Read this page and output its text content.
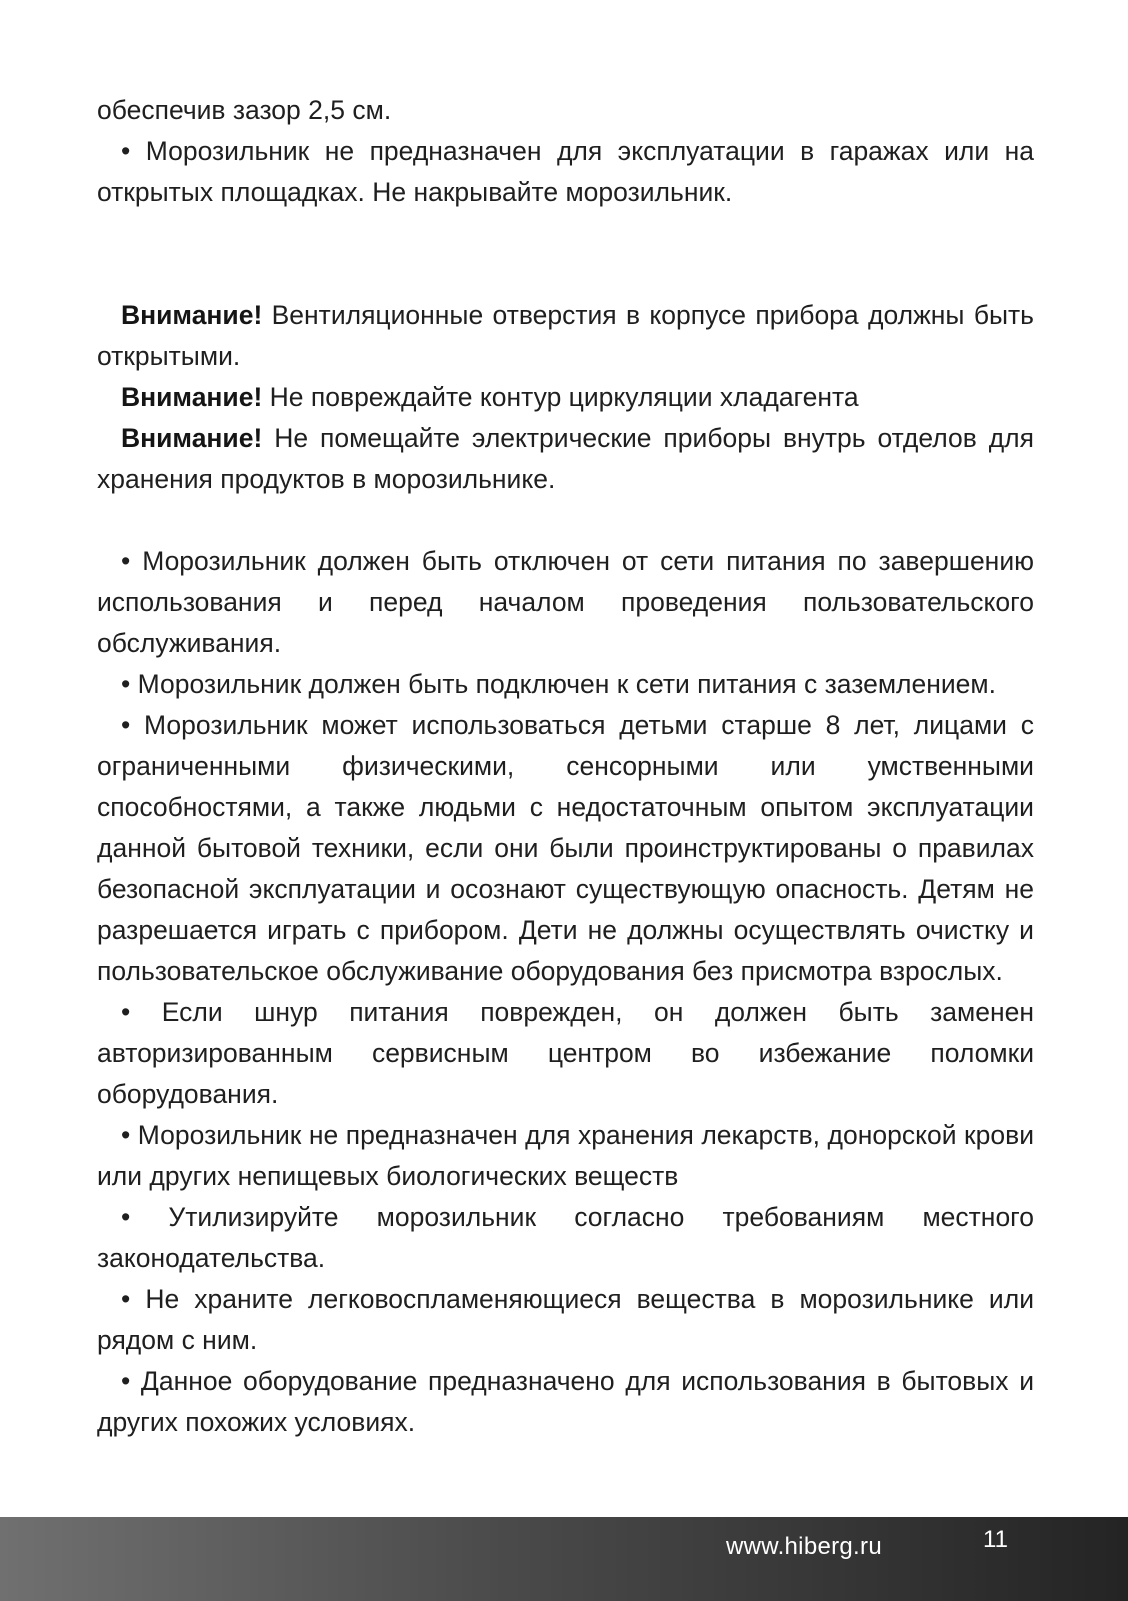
обеспечив зазор 2,5 см.

• Морозильник не предназначен для эксплуатации в гаражах или на открытых площадках. Не накрывайте морозильник.

Внимание! Вентиляционные отверстия в корпусе прибора должны быть открытыми.

Внимание! Не повреждайте контур циркуляции хладагента

Внимание! Не помещайте электрические приборы внутрь отделов для хранения продуктов в морозильнике.

• Морозильник должен быть отключен от сети питания по завершению использования и перед началом проведения пользовательского обслуживания.

• Морозильник должен быть подключен к сети питания с заземлением.

• Морозильник может использоваться детьми старше 8 лет, лицами с ограниченными физическими, сенсорными или умственными способностями, а также людьми с недостаточным опытом эксплуатации данной бытовой техники, если они были проинструктированы о правилах безопасной эксплуатации и осознают существующую опасность. Детям не разрешается играть с прибором. Дети не должны осуществлять очистку и пользовательское обслуживание оборудования без присмотра взрослых.

• Если шнур питания поврежден, он должен быть заменен авторизированным сервисным центром во избежание поломки оборудования.

• Морозильник не предназначен для хранения лекарств, донорской крови или других непищевых биологических веществ

• Утилизируйте морозильник согласно требованиям местного законодательства.

• Не храните легковоспламеняющиеся вещества в морозильнике или рядом с ним.

• Данное оборудование предназначено для использования в бытовых и других похожих условиях.

www.hiberg.ru	11
